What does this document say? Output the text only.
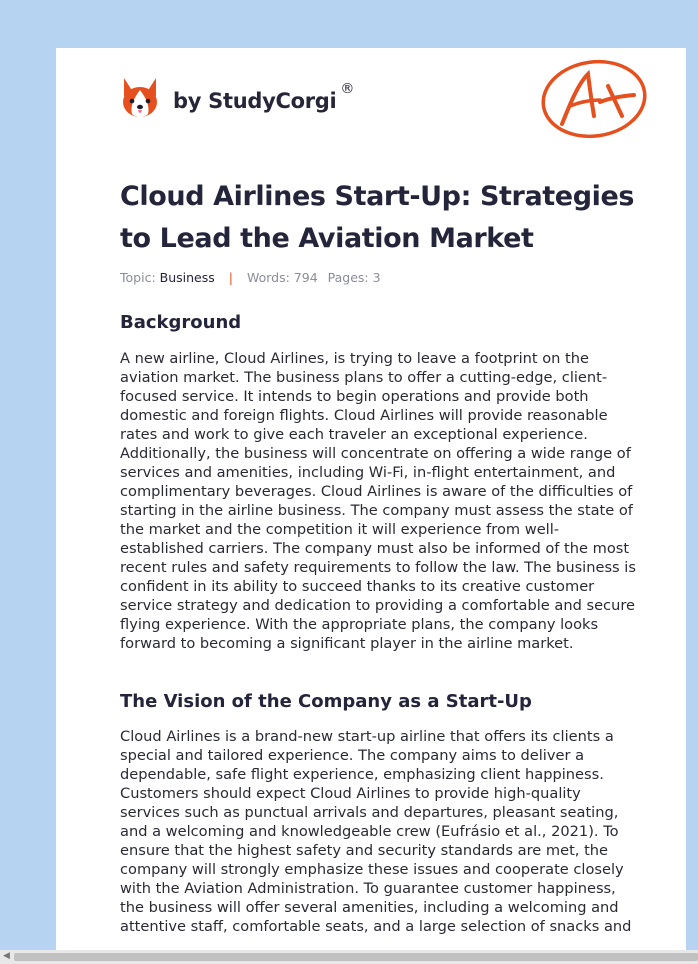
by StudyCorgi ®
Cloud Airlines Start-Up: Strategies to Lead the Aviation Market
Topic: Business | Words: 794 Pages: 3
Background

A new airline, Cloud Airlines, is trying to leave a footprint on the aviation market. The business plans to offer a cutting-edge, client-focused service. It intends to begin operations and provide both domestic and foreign flights. Cloud Airlines will provide reasonable rates and work to give each traveler an exceptional experience. Additionally, the business will concentrate on offering a wide range of services and amenities, including Wi-Fi, in-flight entertainment, and complimentary beverages. Cloud Airlines is aware of the difficulties of starting in the airline business. The company must assess the state of the market and the competition it will experience from well-established carriers. The company must also be informed of the most recent rules and safety requirements to follow the law. The business is confident in its ability to succeed thanks to its creative customer service strategy and dedication to providing a comfortable and secure flying experience. With the appropriate plans, the company looks forward to becoming a significant player in the airline market.

The Vision of the Company as a Start-Up

Cloud Airlines is a brand-new start-up airline that offers its clients a special and tailored experience. The company aims to deliver a dependable, safe flight experience, emphasizing client happiness. Customers should expect Cloud Airlines to provide high-quality services such as punctual arrivals and departures, pleasant seating, and a welcoming and knowledgeable crew (Eufrásio et al., 2021). To ensure that the highest safety and security standards are met, the company will strongly emphasize these issues and cooperate closely with the Aviation Administration. To guarantee customer happiness, the business will offer several amenities, including a welcoming and attentive staff, comfortable seats, and a large selection of snacks and

◀
